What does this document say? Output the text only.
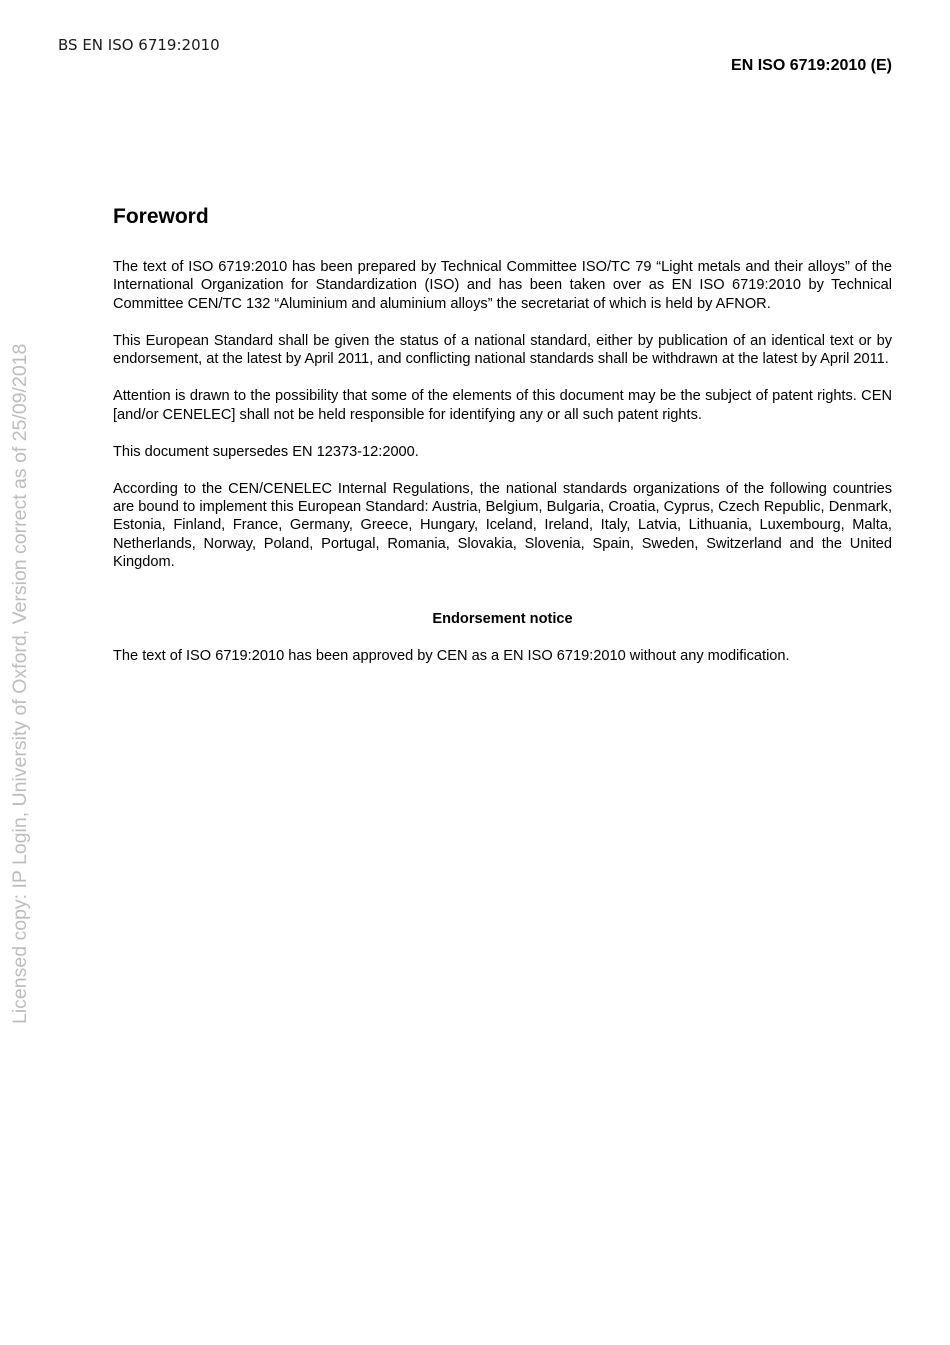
BS EN ISO 6719:2010
EN ISO 6719:2010 (E)
Licensed copy: IP Login, University of Oxford, Version correct as of 25/09/2018
Foreword

The text of ISO 6719:2010 has been prepared by Technical Committee ISO/TC 79 “Light metals and their alloys” of the International Organization for Standardization (ISO) and has been taken over as EN ISO 6719:2010 by Technical Committee CEN/TC 132 “Aluminium and aluminium alloys” the secretariat of which is held by AFNOR.

This European Standard shall be given the status of a national standard, either by publication of an identical text or by endorsement, at the latest by April 2011, and conflicting national standards shall be withdrawn at the latest by April 2011.

Attention is drawn to the possibility that some of the elements of this document may be the subject of patent rights. CEN [and/or CENELEC] shall not be held responsible for identifying any or all such patent rights.

This document supersedes EN 12373-12:2000.

According to the CEN/CENELEC Internal Regulations, the national standards organizations of the following countries are bound to implement this European Standard: Austria, Belgium, Bulgaria, Croatia, Cyprus, Czech Republic, Denmark, Estonia, Finland, France, Germany, Greece, Hungary, Iceland, Ireland, Italy, Latvia, Lithuania, Luxembourg, Malta, Netherlands, Norway, Poland, Portugal, Romania, Slovakia, Slovenia, Spain, Sweden, Switzerland and the United Kingdom.

Endorsement notice

The text of ISO 6719:2010 has been approved by CEN as a EN ISO 6719:2010 without any modification.
